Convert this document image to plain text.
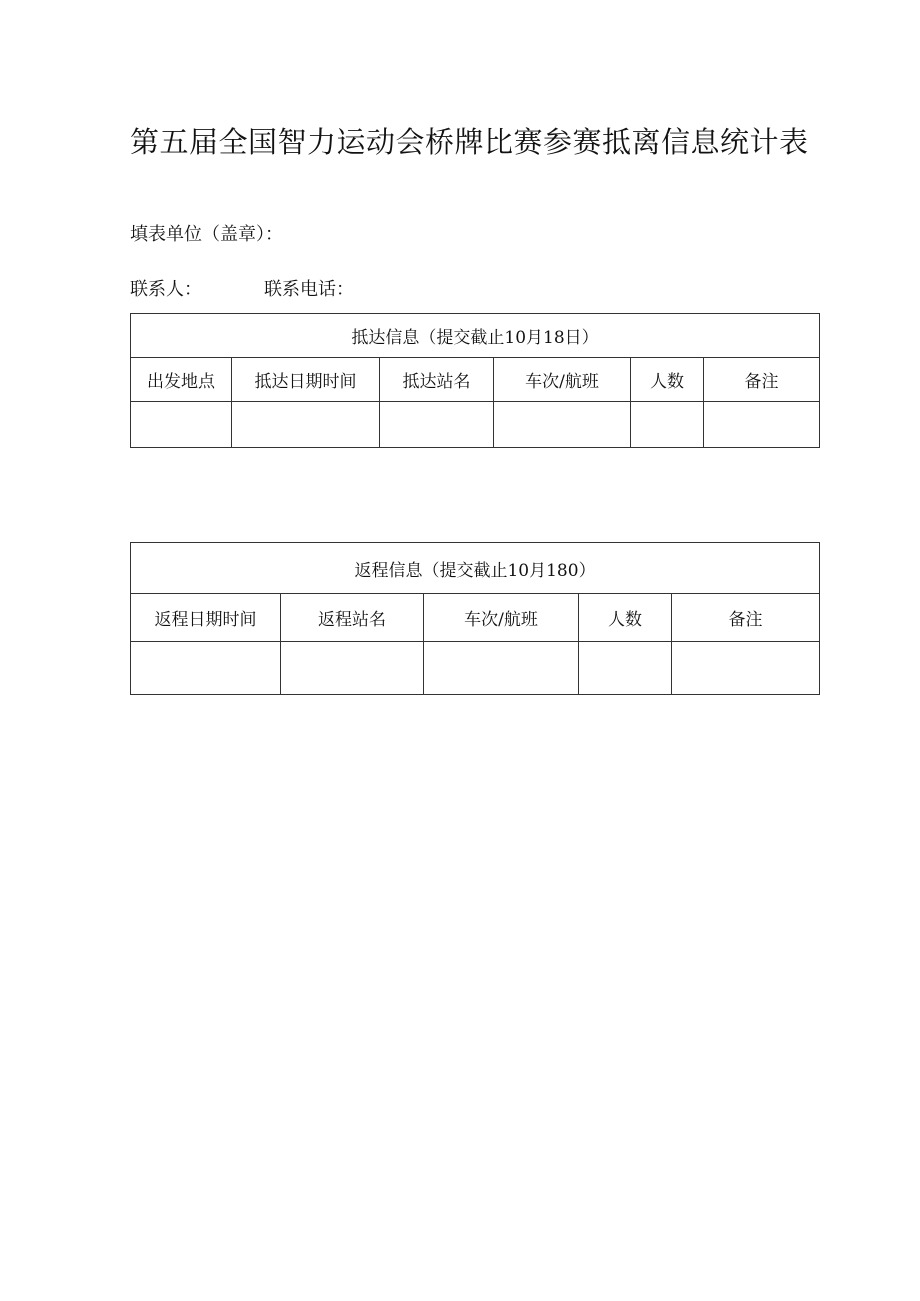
第五届全国智力运动会桥牌比赛参赛抵离信息统计表
填表单位（盖章）：
联系人：	联系电话：
抵达信息（提交截止10月18日）					
出发地点	抵达日期时间	抵达站名	车次/航班	人数	备注

返程信息（提交截止10月180）				
返程日期时间	返程站名	车次/航班	人数	备注
